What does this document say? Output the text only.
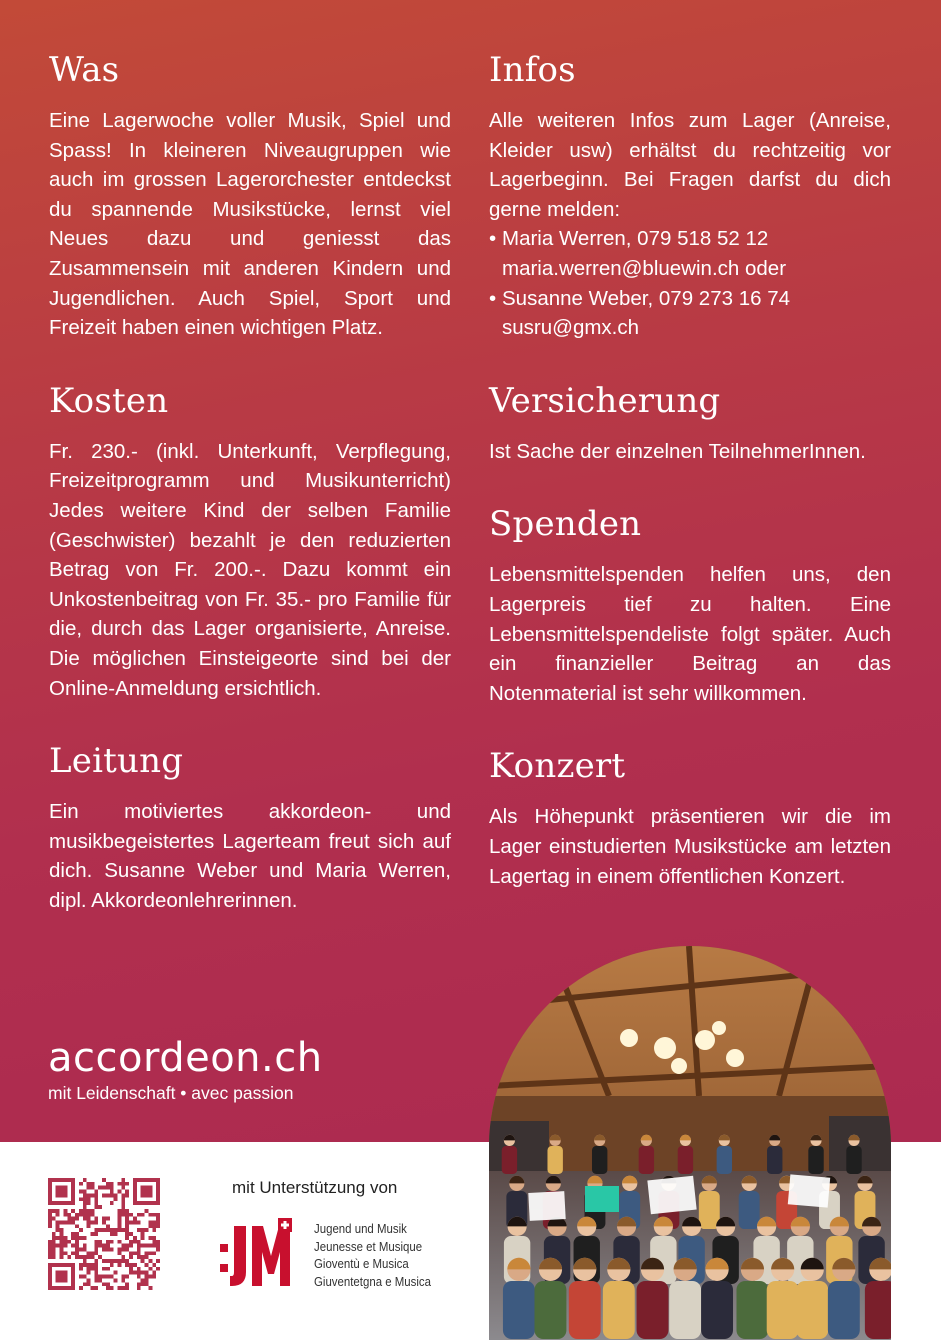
Was

Eine Lagerwoche voller Musik, Spiel und Spass! In kleineren Niveaugruppen wie auch im grossen Lagerorchester entdeckst du spannende Musikstücke, lernst viel Neues dazu und geniesst das Zusammensein mit anderen Kindern und Jugendlichen. Auch Spiel, Sport und Freizeit haben einen wichtigen Platz.

Kosten

Fr. 230.- (inkl. Unterkunft, Verpflegung, Freizeitprogramm und Musikunterricht) Jedes weitere Kind der selben Familie (Geschwister) bezahlt je den reduzierten Betrag von Fr. 200.-. Dazu kommt ein Unkostenbeitrag von Fr. 35.- pro Familie für die, durch das Lager organisierte, Anreise. Die möglichen Einsteigeorte sind bei der Online-Anmeldung ersichtlich.

Leitung

Ein motiviertes akkordeon- und musikbegeistertes Lagerteam freut sich auf dich. Susanne Weber und Maria Werren, dipl. Akkordeonlehrerinnen.

Infos

Alle weiteren Infos zum Lager (Anreise, Kleider usw) erhältst du rechtzeitig vor Lagerbeginn. Bei Fragen darfst du dich gerne melden:

• Maria Werren, 079 518 52 12
maria.werren@bluewin.ch oder
• Susanne Weber, 079 273 16 74
susru@gmx.ch
Versicherung

Ist Sache der einzelnen TeilnehmerInnen.

Spenden

Lebensmittelspenden helfen uns, den Lagerpreis tief zu halten. Eine Lebensmittelspendeliste folgt später. Auch ein finanzieller Beitrag an das Notenmaterial ist sehr willkommen.

Konzert

Als Höhepunkt präsentieren wir die im Lager einstudierten Musikstücke am letzten Lagertag in einem öffentlichen Konzert.

accordeon.ch
mit Leidenschaft • avec passion
mit Unterstützung von
Jugend und Musik
Jeunesse et Musique
Gioventù e Musica
Giuventetgna e Musica
